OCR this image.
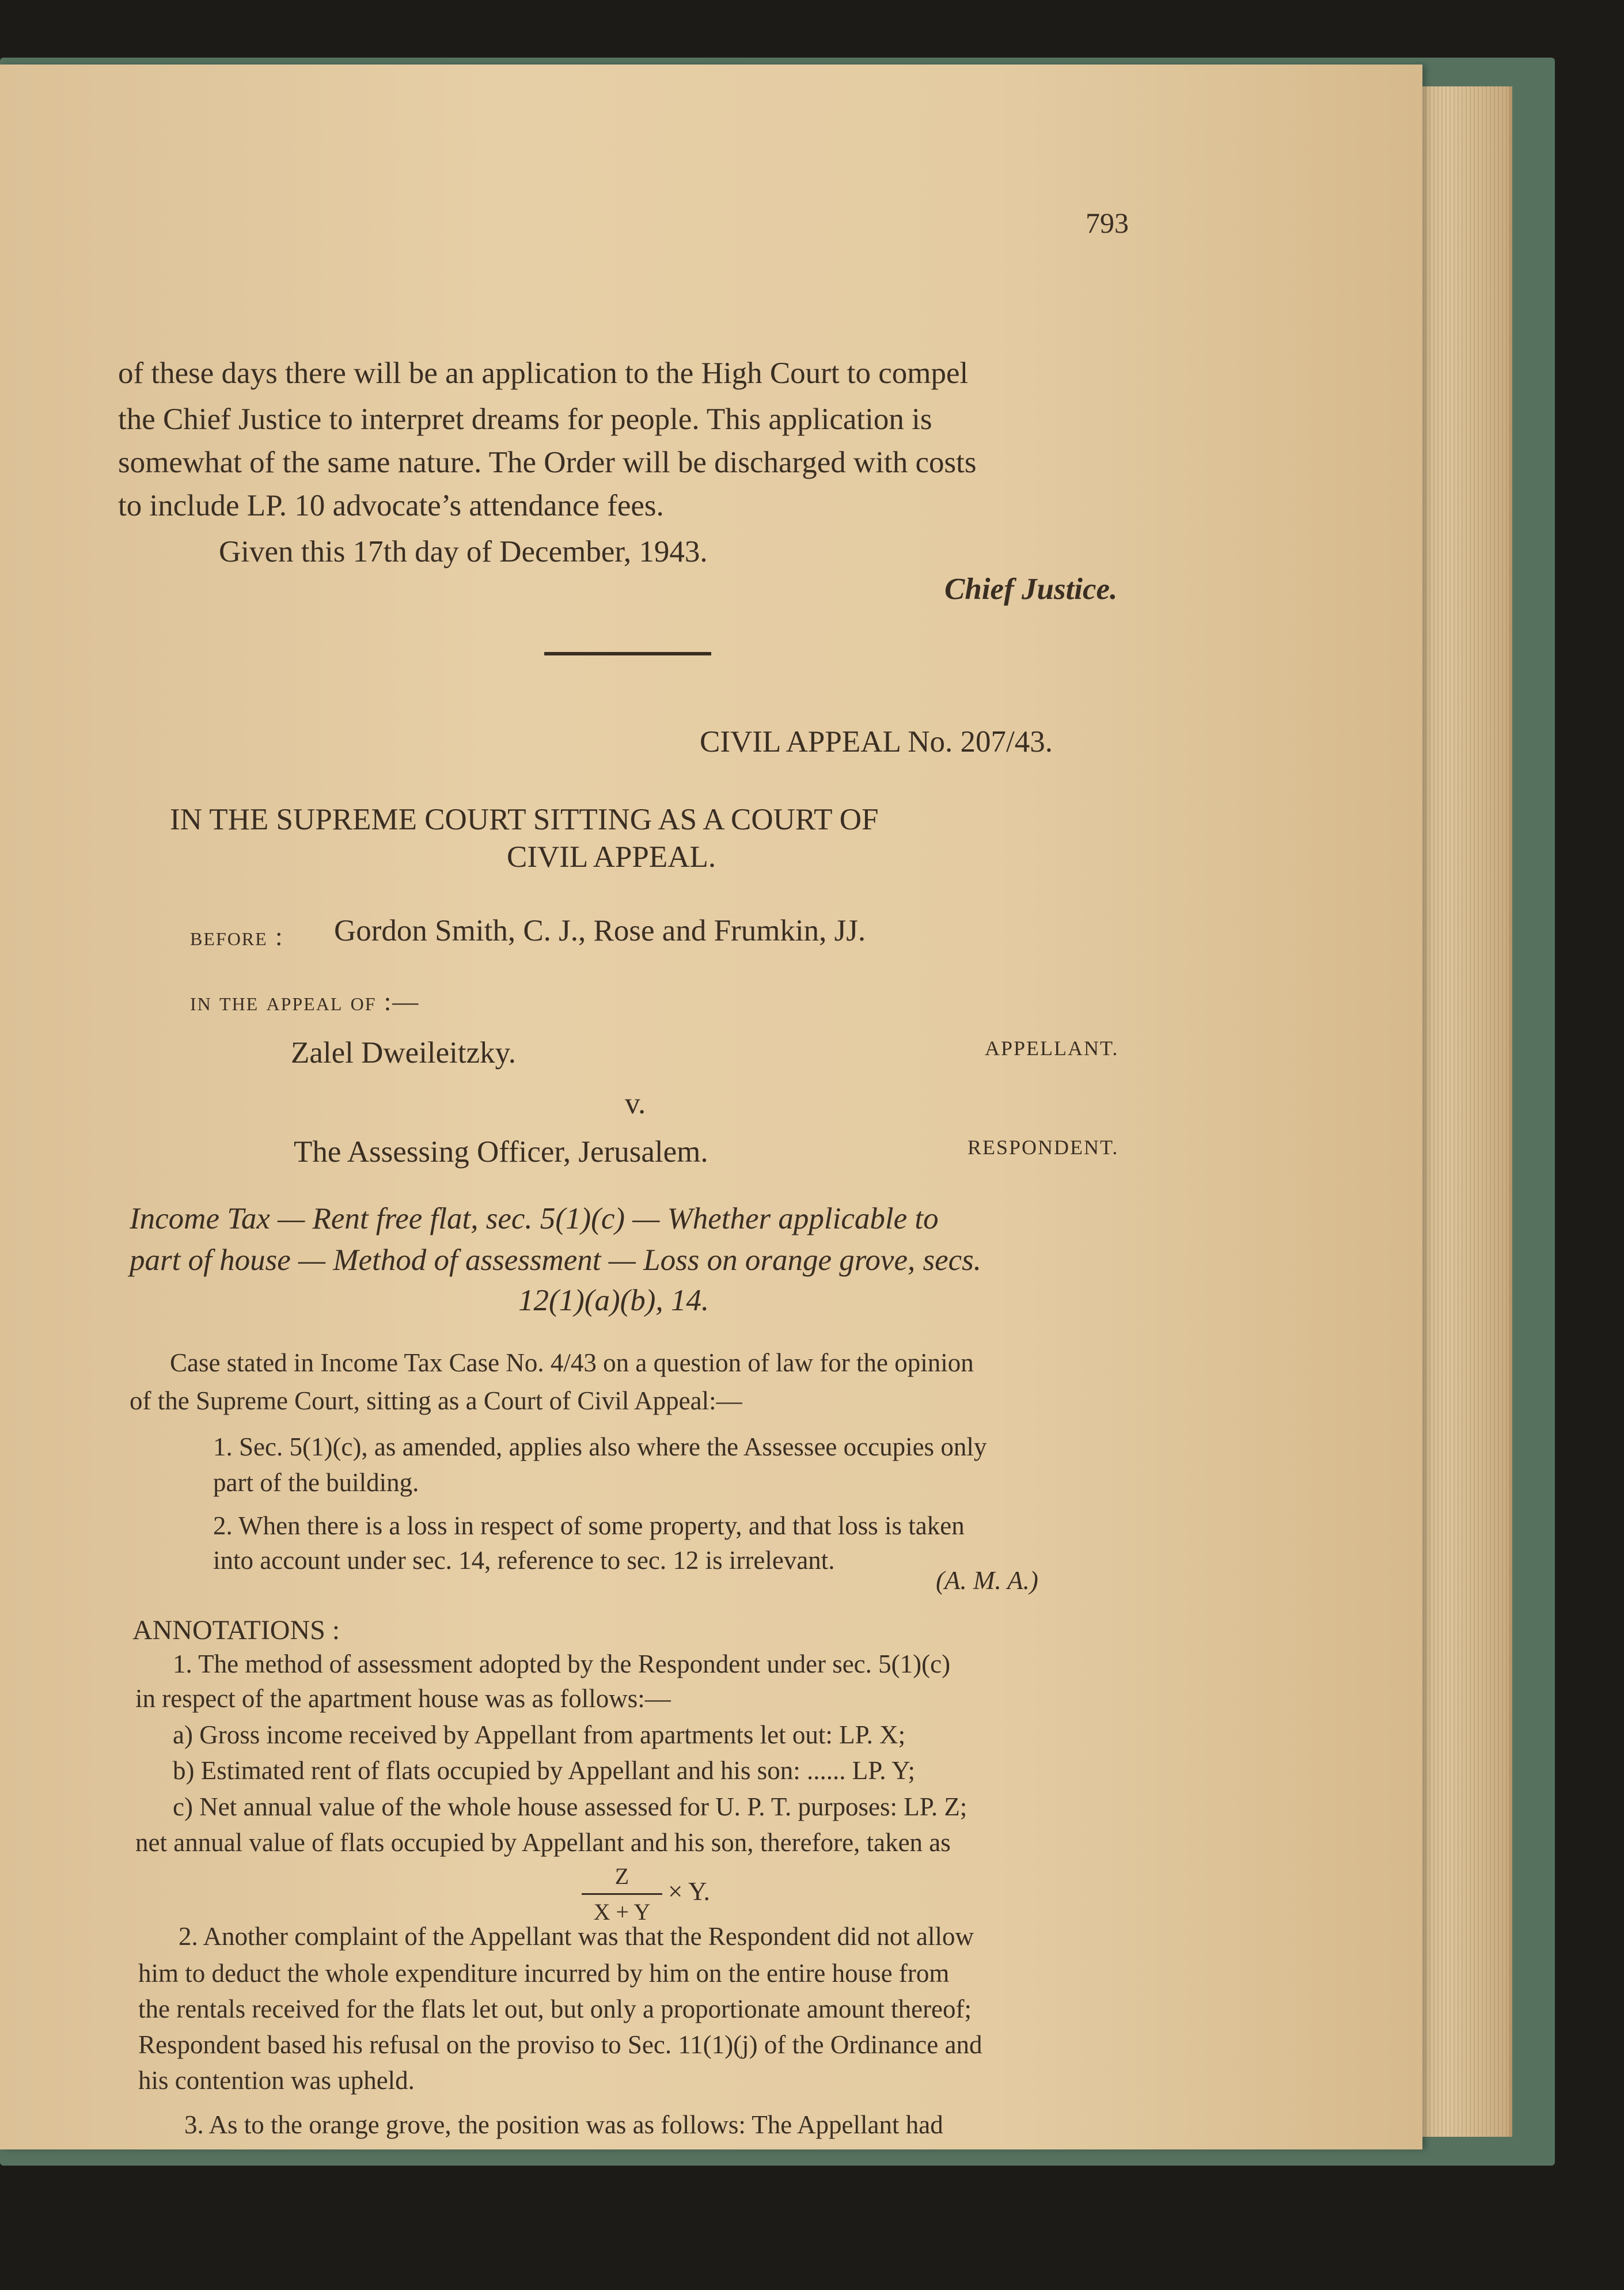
793
of these days there will be an application to the High Court to compel
the Chief Justice to interpret dreams for people. This application is
somewhat of the same nature. The Order will be discharged with costs
to include LP. 10 advocate’s attendance fees.
Given this 17th day of December, 1943.
Chief Justice.
CIVIL APPEAL No. 207/43.
IN THE SUPREME COURT SITTING AS A COURT OF
CIVIL APPEAL.
before : Gordon Smith, C. J., Rose and Frumkin, JJ.
in the appeal of :—
Zalel Dweileitzky.	APPELLANT.
v.
The Assessing Officer, Jerusalem.	RESPONDENT.
Income Tax — Rent free flat, sec. 5(1)(c) — Whether applicable to
part of house — Method of assessment — Loss on orange grove, secs.
12(1)(a)(b), 14.
Case stated in Income Tax Case No. 4/43 on a question of law for the opinion
of the Supreme Court, sitting as a Court of Civil Appeal:—
1. Sec. 5(1)(c), as amended, applies also where the Assessee occupies only
part of the building.
2. When there is a loss in respect of some property, and that loss is taken
into account under sec. 14, reference to sec. 12 is irrelevant.
(A. M. A.)
ANNOTATIONS :
1. The method of assessment adopted by the Respondent under sec. 5(1)(c)
in respect of the apartment house was as follows:—
a) Gross income received by Appellant from apartments let out: LP. X;
b) Estimated rent of flats occupied by Appellant and his son: ...... LP. Y;
c) Net annual value of the whole house assessed for U. P. T. purposes: LP. Z;
net annual value of flats occupied by Appellant and his son, therefore, taken as
Z
X + Y
× Y.
2. Another complaint of the Appellant was that the Respondent did not allow
him to deduct the whole expenditure incurred by him on the entire house from
the rentals received for the flats let out, but only a proportionate amount thereof;
Respondent based his refusal on the proviso to Sec. 11(1)(j) of the Ordinance and
his contention was upheld.
3. As to the orange grove, the position was as follows: The Appellant had
